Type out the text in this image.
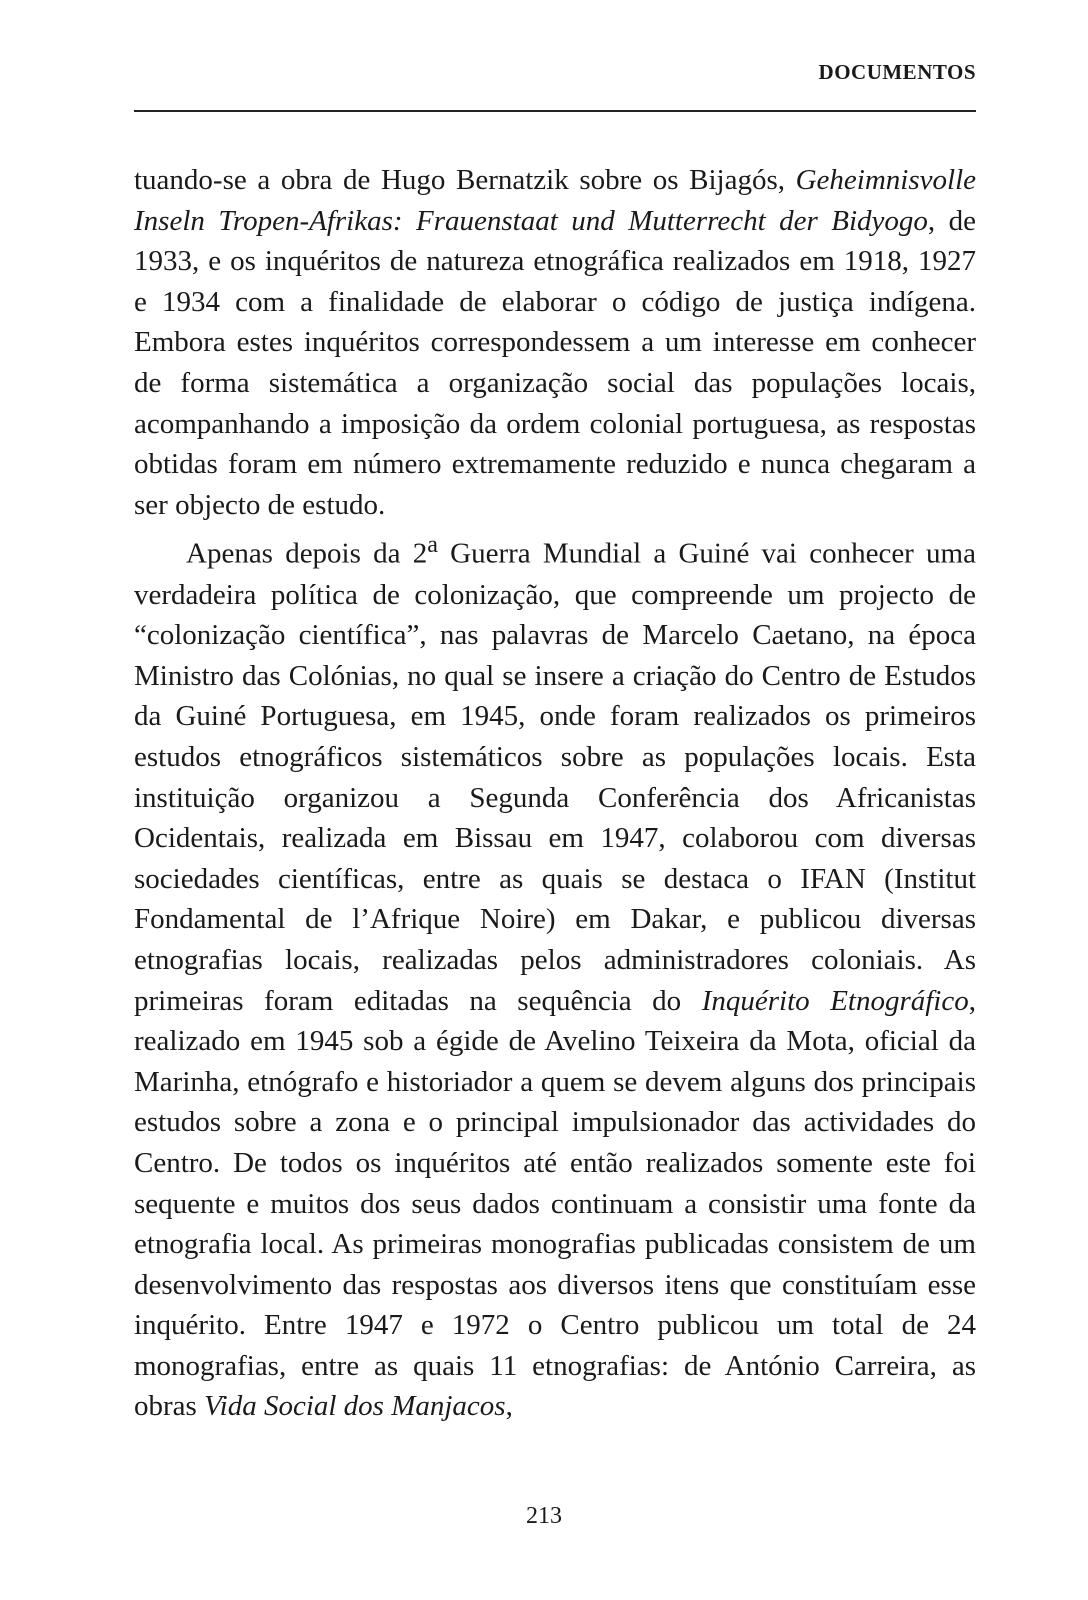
DOCUMENTOS

tuando-se a obra de Hugo Bernatzik sobre os Bijagós, Geheimnisvolle Inseln Tropen-Afrikas: Frauenstaat und Mutterrecht der Bidyogo, de 1933, e os inquéritos de natureza etnográfica realizados em 1918, 1927 e 1934 com a finalidade de elaborar o código de justiça indígena. Embora estes inquéritos correspondessem a um interesse em conhecer de forma sistemática a organização social das populações locais, acompanhando a imposição da ordem colonial portuguesa, as respostas obtidas foram em número extremamente reduzido e nunca chegaram a ser objecto de estudo.

Apenas depois da 2$^a$ Guerra Mundial a Guiné vai conhecer uma verdadeira política de colonização, que compreende um projecto de “colonização científica”, nas palavras de Marcelo Caetano, na época Ministro das Colónias, no qual se insere a criação do Centro de Estudos da Guiné Portuguesa, em 1945, onde foram realizados os primeiros estudos etnográficos sistemáticos sobre as populações locais. Esta instituição organizou a Segunda Conferência dos Africanistas Ocidentais, realizada em Bissau em 1947, colaborou com diversas sociedades científicas, entre as quais se destaca o IFAN (Institut Fondamental de l’Afrique Noire) em Dakar, e publicou diversas etnografias locais, realizadas pelos administradores coloniais. As primeiras foram editadas na sequência do Inquérito Etnográfico, realizado em 1945 sob a égide de Avelino Teixeira da Mota, oficial da Marinha, etnógrafo e historiador a quem se devem alguns dos principais estudos sobre a zona e o principal impulsionador das actividades do Centro. De todos os inquéritos até então realizados somente este foi sequente e muitos dos seus dados continuam a consistir uma fonte da etnografia local. As primeiras monografias publicadas consistem de um desenvolvimento das respostas aos diversos itens que constituíam esse inquérito. Entre 1947 e 1972 o Centro publicou um total de 24 monografias, entre as quais 11 etnografias: de António Carreira, as obras Vida Social dos Manjacos,

213
